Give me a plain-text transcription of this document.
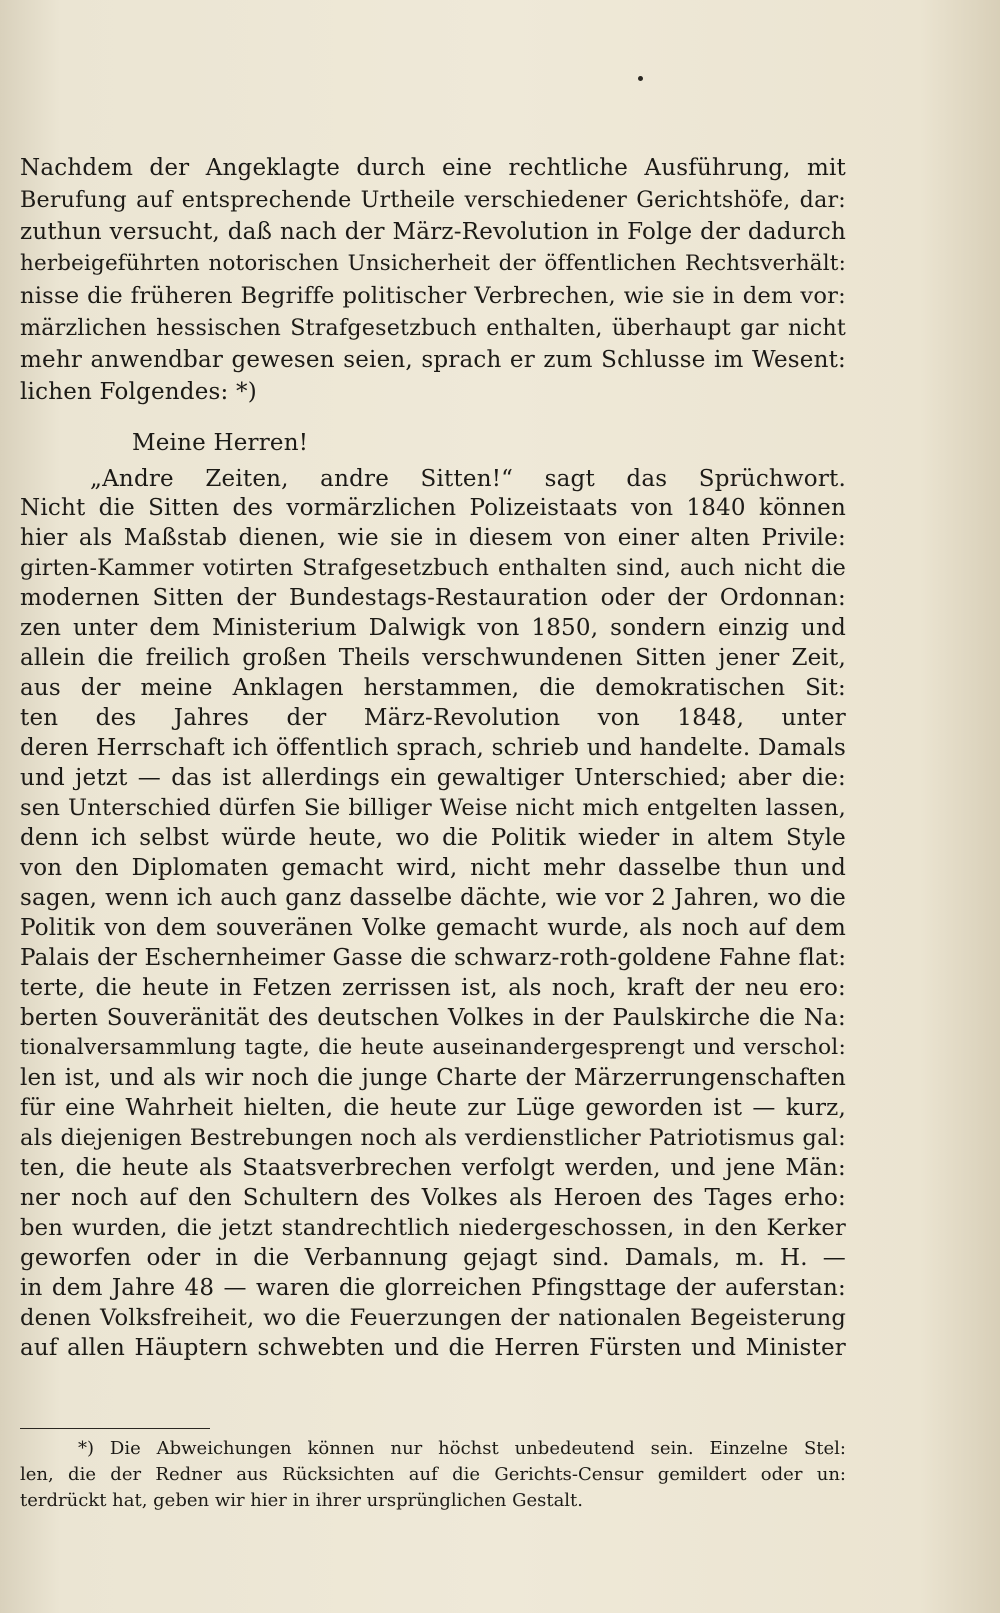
Nachdem der Angeklagte durch eine rechtliche Ausführung, mit
Berufung auf entsprechende Urtheile verschiedener Gerichtshöfe, dar:
zuthun versucht, daß nach der März-Revolution in Folge der dadurch
herbeigeführten notorischen Unsicherheit der öffentlichen Rechtsverhält:
nisse die früheren Begriffe politischer Verbrechen, wie sie in dem vor:
märzlichen hessischen Strafgesetzbuch enthalten, überhaupt gar nicht
mehr anwendbar gewesen seien, sprach er zum Schlusse im Wesent:
lichen Folgendes: *)
Meine Herren!
„Andre Zeiten, andre Sitten!“ sagt das Sprüchwort.
Nicht die Sitten des vormärzlichen Polizeistaats von 1840 können
hier als Maßstab dienen, wie sie in diesem von einer alten Privile:
girten-Kammer votirten Strafgesetzbuch enthalten sind, auch nicht die
modernen Sitten der Bundestags-Restauration oder der Ordonnan:
zen unter dem Ministerium Dalwigk von 1850, sondern einzig und
allein die freilich großen Theils verschwundenen Sitten jener Zeit,
aus der meine Anklagen herstammen, die demokratischen Sit:
ten des Jahres der März-Revolution von 1848, unter
deren Herrschaft ich öffentlich sprach, schrieb und handelte. Damals
und jetzt — das ist allerdings ein gewaltiger Unterschied; aber die:
sen Unterschied dürfen Sie billiger Weise nicht mich entgelten lassen,
denn ich selbst würde heute, wo die Politik wieder in altem Style
von den Diplomaten gemacht wird, nicht mehr dasselbe thun und
sagen, wenn ich auch ganz dasselbe dächte, wie vor 2 Jahren, wo die
Politik von dem souveränen Volke gemacht wurde, als noch auf dem
Palais der Eschernheimer Gasse die schwarz-roth-goldene Fahne flat:
terte, die heute in Fetzen zerrissen ist, als noch, kraft der neu ero:
berten Souveränität des deutschen Volkes in der Paulskirche die Na:
tionalversammlung tagte, die heute auseinandergesprengt und verschol:
len ist, und als wir noch die junge Charte der Märzerrungenschaften
für eine Wahrheit hielten, die heute zur Lüge geworden ist — kurz,
als diejenigen Bestrebungen noch als verdienstlicher Patriotismus gal:
ten, die heute als Staatsverbrechen verfolgt werden, und jene Män:
ner noch auf den Schultern des Volkes als Heroen des Tages erho:
ben wurden, die jetzt standrechtlich niedergeschossen, in den Kerker
geworfen oder in die Verbannung gejagt sind. Damals, m. H. —
in dem Jahre 48 — waren die glorreichen Pfingsttage der auferstan:
denen Volksfreiheit, wo die Feuerzungen der nationalen Begeisterung
auf allen Häuptern schwebten und die Herren Fürsten und Minister
*) Die Abweichungen können nur höchst unbedeutend sein. Einzelne Stel:
len, die der Redner aus Rücksichten auf die Gerichts-Censur gemildert oder un:
terdrückt hat, geben wir hier in ihrer ursprünglichen Gestalt.
